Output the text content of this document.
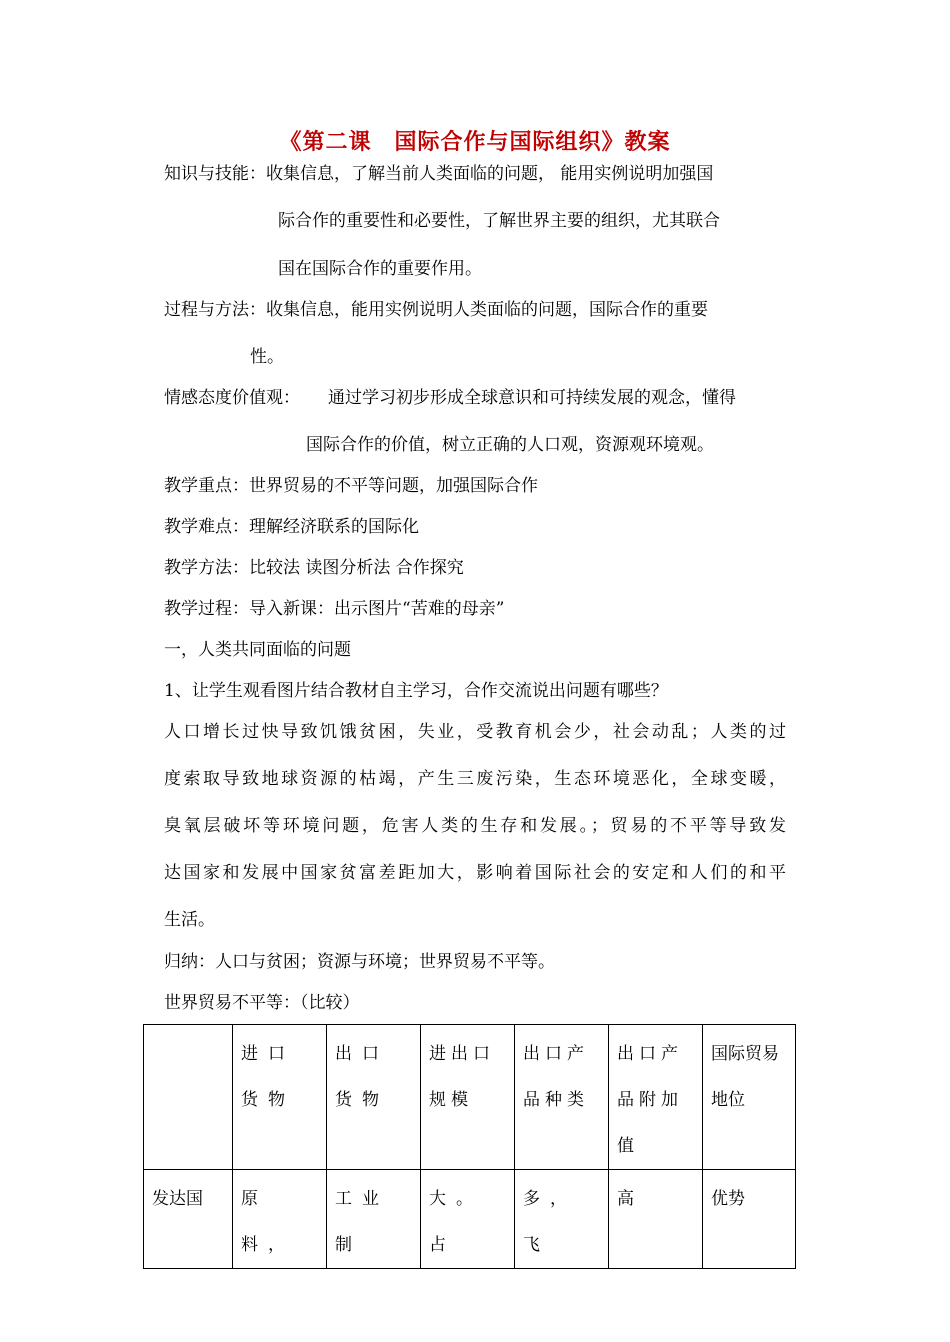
《第二课　国际合作与国际组织》教案
知识与技能： 收集信息，了解当前人类面临的问题， 能用实例说明加强国
际合作的重要性和必要性，了解世界主要的组织，尤其联合
国在国际合作的重要作用。
过程与方法： 收集信息，能用实例说明人类面临的问题，国际合作的重要
性。
情感态度价值观： 通过学习初步形成全球意识和可持续发展的观念，懂得
国际合作的价值，树立正确的人口观，资源观环境观。
教学重点：世界贸易的不平等问题，加强国际合作
教学难点：理解经济联系的国际化
教学方法：比较法 读图分析法 合作探究
教学过程：导入新课：出示图片“苦难的母亲”
一，人类共同面临的问题
1、让学生观看图片结合教材自主学习，合作交流说出问题有哪些？
人口增长过快导致饥饿贫困，失业，受教育机会少，社会动乱；人类的过
度索取导致地球资源的枯竭，产生三废污染，生态环境恶化，全球变暖，
臭氧层破坏等环境问题，危害人类的生存和发展。；贸易的不平等导致发
达国家和发展中国家贫富差距加大，影响着国际社会的安定和人们的和平
生活。
归纳：人口与贫困；资源与环境；世界贸易不平等。
世界贸易不平等：（比较）
	进口货物	出口货物	进出口规模	出口产品种类	出口产品附加值	国际贸易地位
发达国	原料，	工业制	大。占	多，飞	高	优势
